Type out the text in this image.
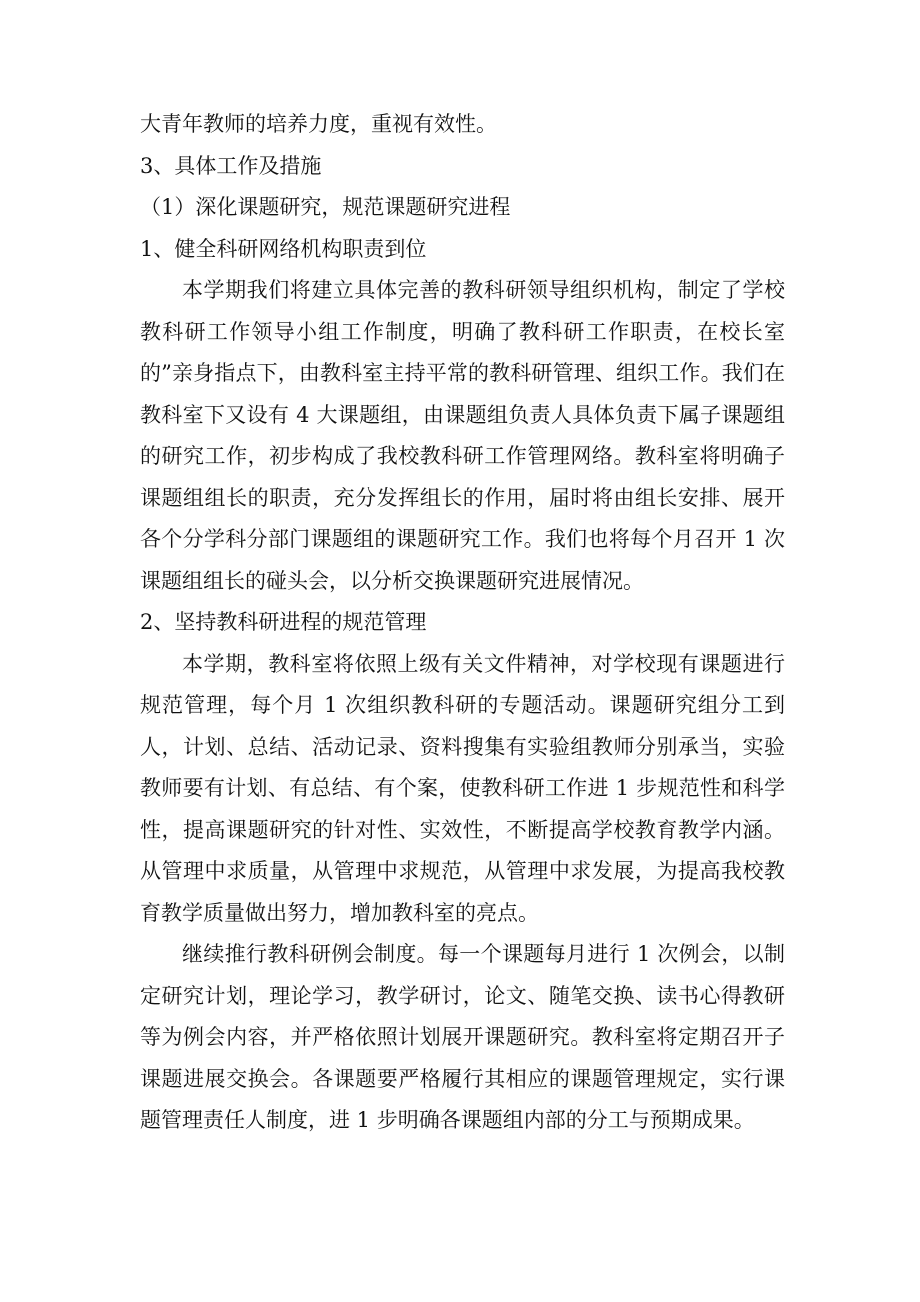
大青年教师的培养力度，重视有效性。

3、具体工作及措施

（1）深化课题研究，规范课题研究进程

1、健全科研网络机构职责到位

本学期我们将建立具体完善的教科研领导组织机构，制定了学校教科研工作领导小组工作制度，明确了教科研工作职责，在校长室的”亲身指点下，由教科室主持平常的教科研管理、组织工作。我们在教科室下又设有 4 大课题组，由课题组负责人具体负责下属子课题组的研究工作，初步构成了我校教科研工作管理网络。教科室将明确子课题组组长的职责，充分发挥组长的作用，届时将由组长安排、展开各个分学科分部门课题组的课题研究工作。我们也将每个月召开 1 次课题组组长的碰头会，以分析交换课题研究进展情况。

2、坚持教科研进程的规范管理

本学期，教科室将依照上级有关文件精神，对学校现有课题进行规范管理，每个月 1 次组织教科研的专题活动。课题研究组分工到人，计划、总结、活动记录、资料搜集有实验组教师分别承当，实验教师要有计划、有总结、有个案，使教科研工作进 1 步规范性和科学性，提高课题研究的针对性、实效性，不断提高学校教育教学内涵。从管理中求质量，从管理中求规范，从管理中求发展，为提高我校教育教学质量做出努力，增加教科室的亮点。

继续推行教科研例会制度。每一个课题每月进行 1 次例会，以制定研究计划，理论学习，教学研讨，论文、随笔交换、读书心得教研等为例会内容，并严格依照计划展开课题研究。教科室将定期召开子课题进展交换会。各课题要严格履行其相应的课题管理规定，实行课题管理责任人制度，进 1 步明确各课题组内部的分工与预期成果。
